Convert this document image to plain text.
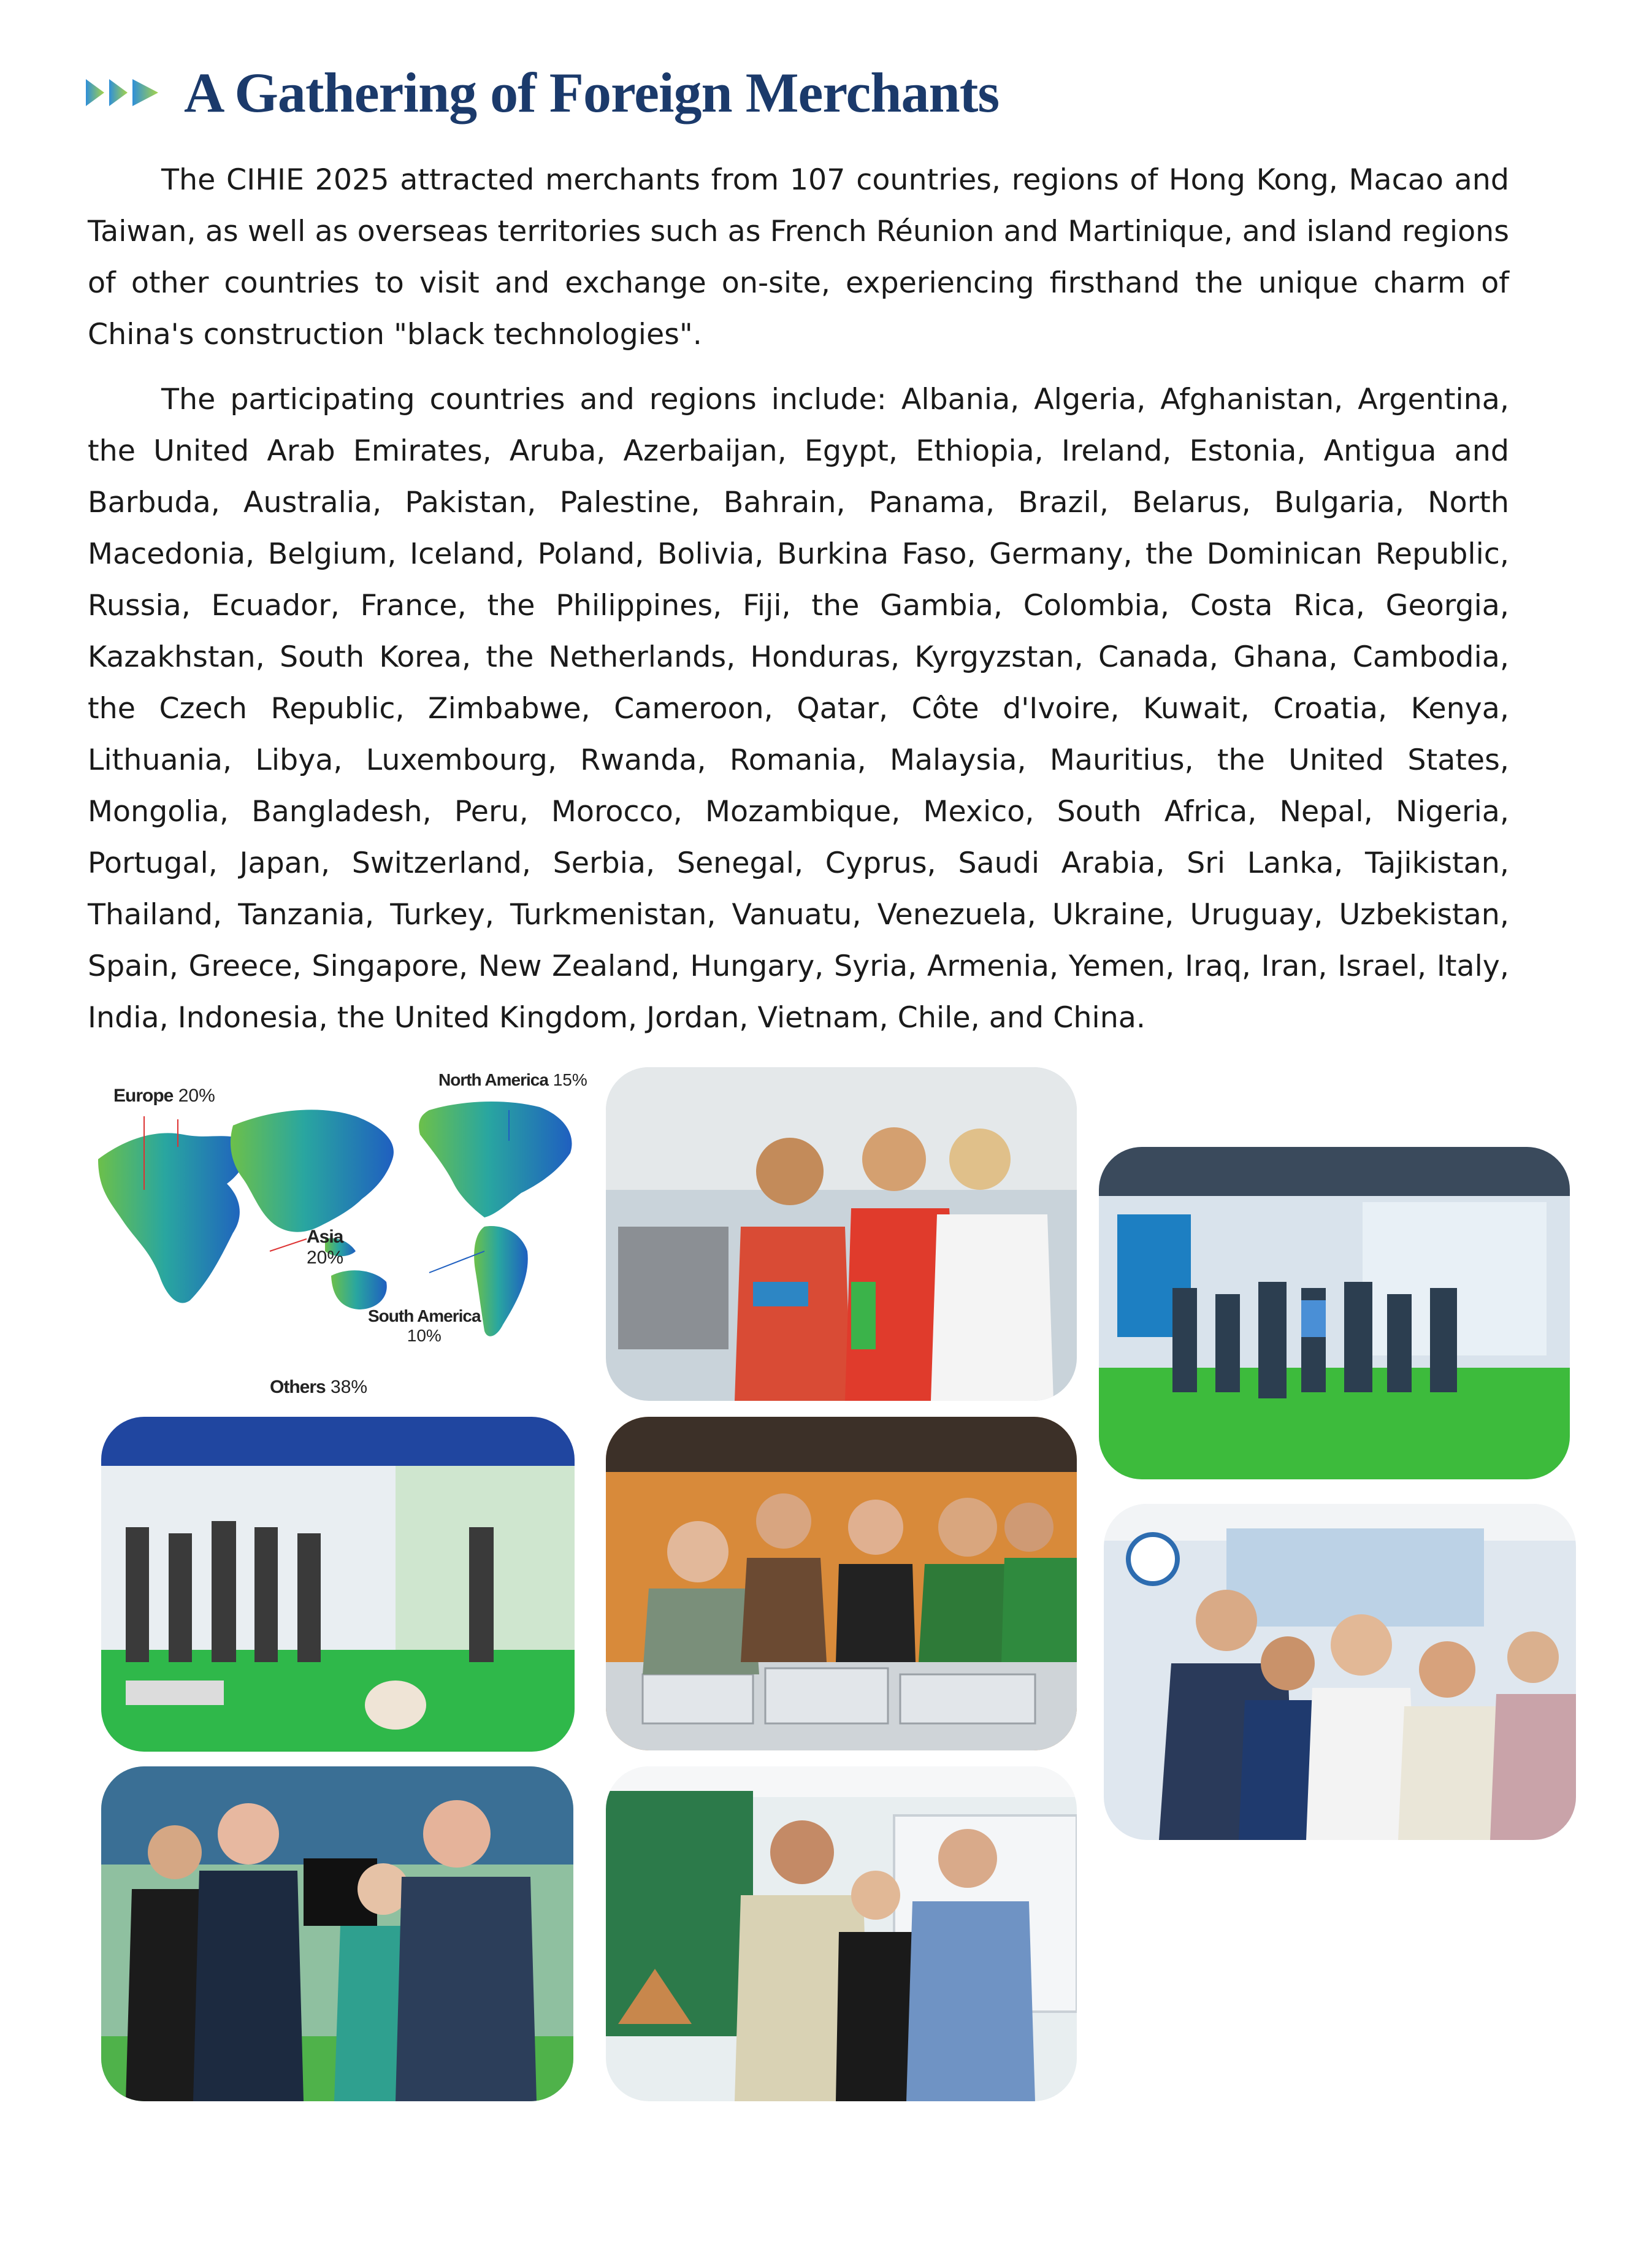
A Gathering of Foreign Merchants

The CIHIE 2025 attracted merchants from 107 countries, regions of Hong Kong, Macao and Taiwan, as well as overseas territories such as French Réunion and Martinique, and island regions of other countries to visit and exchange on-site, experiencing firsthand the unique charm of China's construction "black technologies".

The participating countries and regions include: Albania, Algeria, Afghanistan, Argentina, the United Arab Emirates, Aruba, Azerbaijan, Egypt, Ethiopia, Ireland, Estonia, Antigua and Barbuda, Australia, Pakistan, Palestine, Bahrain, Panama, Brazil, Belarus, Bulgaria, North Macedonia, Belgium, Iceland, Poland, Bolivia, Burkina Faso, Germany, the Dominican Republic, Russia, Ecuador, France, the Philippines, Fiji, the Gambia, Colombia, Costa Rica, Georgia, Kazakhstan, South Korea, the Netherlands, Honduras, Kyrgyzstan, Canada, Ghana, Cambodia, the Czech Republic, Zimbabwe, Cameroon, Qatar, Côte d'Ivoire, Kuwait, Croatia, Kenya, Lithuania, Libya, Luxembourg, Rwanda, Romania, Malaysia, Mauritius, the United States, Mongolia, Bangladesh, Peru, Morocco, Mozambique, Mexico, South Africa, Nepal, Nigeria, Portugal, Japan, Switzerland, Serbia, Senegal, Cyprus, Saudi Arabia, Sri Lanka, Tajikistan, Thailand, Tanzania, Turkey, Turkmenistan, Vanuatu, Venezuela, Ukraine, Uruguay, Uzbekistan, Spain, Greece, Singapore, New Zealand, Hungary, Syria, Armenia, Yemen, Iraq, Iran, Israel, Italy, India, Indonesia, the United Kingdom, Jordan, Vietnam, Chile, and China.

Europe 20%
North America 15%
Asia
20%
South America
10%
Others 38%
